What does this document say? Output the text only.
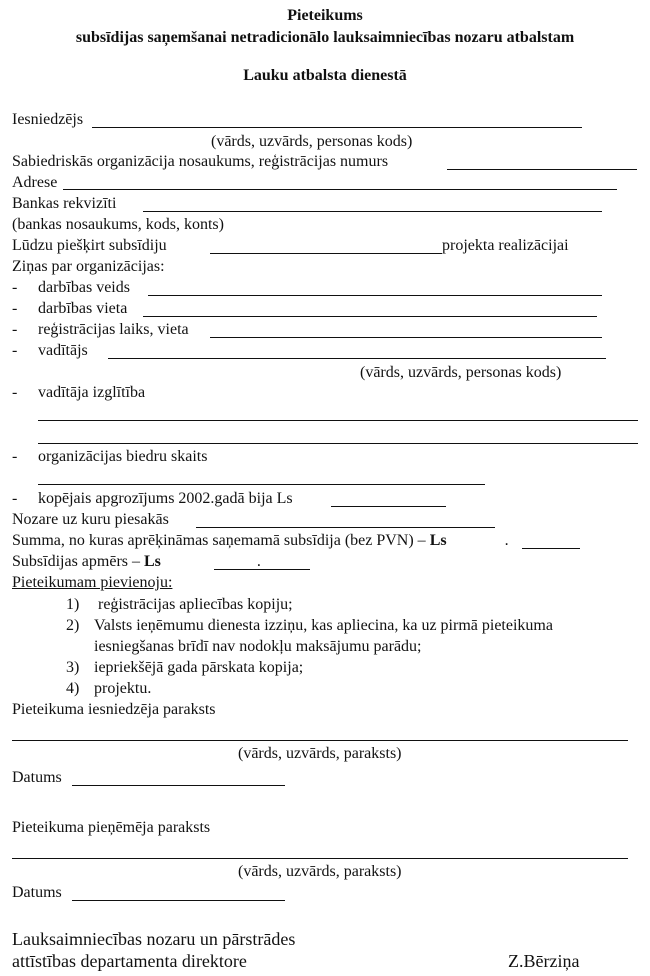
Pieteikums
subsīdijas saņemšanai netradicionālo lauksaimniecības nozaru atbalstam
Lauku atbalsta dienestā
Iesniedzējs
(vārds, uzvārds, personas kods)
Sabiedriskās organizācija nosaukums, reģistrācijas numurs
Adrese
Bankas rekvizīti
(bankas nosaukums, kods, konts)
Lūdzu piešķirt subsīdiju	projekta realizācijai
Ziņas par organizācijas:
- darbības veids
- darbības vieta
- reģistrācijas laiks, vieta
- vadītājs
(vārds, uzvārds, personas kods)
- vadītāja izglītība
- organizācijas biedru skaits
- kopējais apgrozījums 2002.gadā bija Ls
Nozare uz kuru piesakās
Summa, no kuras aprēķināmas saņemamā subsīdija (bez PVN) – Ls	.
Subsīdijas apmērs – Ls	.
Pieteikumam pievienoju:
1) reģistrācijas apliecības kopiju;
2) Valsts ieņēmumu dienesta izziņu, kas apliecina, ka uz pirmā pieteikuma
iesniegšanas brīdī nav nodokļu maksājumu parādu;
3) iepriekšējā gada pārskata kopija;
4) projektu.
Pieteikuma iesniedzēja paraksts
(vārds, uzvārds, paraksts)
Datums
Pieteikuma pieņēmēja paraksts
(vārds, uzvārds, paraksts)
Datums
Lauksaimniecības nozaru un pārstrādes
attīstības departamenta direktore	Z.Bērziņa
